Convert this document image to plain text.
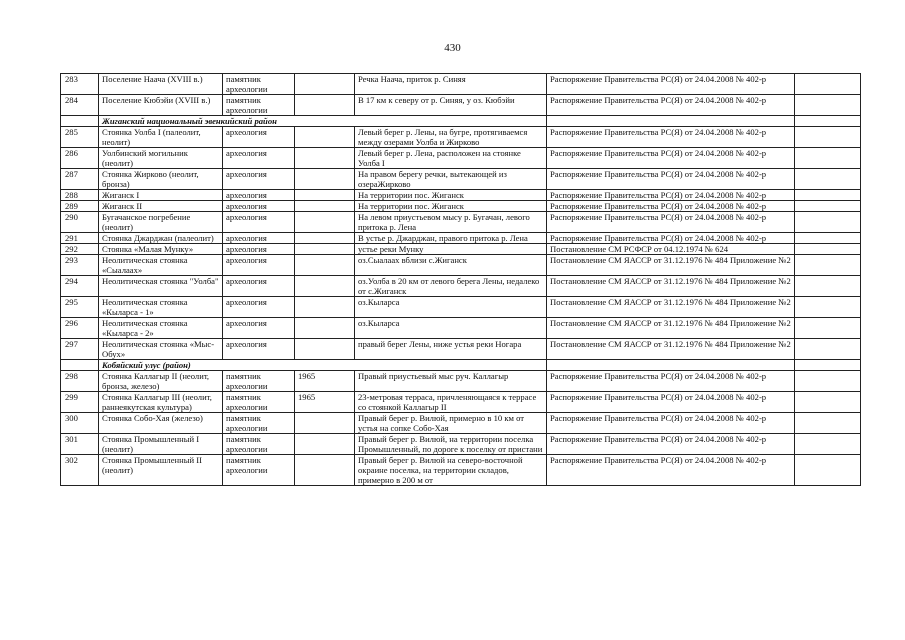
430
283	Поселение Наача (XVIII в.)	памятник археологии		Речка Наача, приток р. Синяя	Распоряжение Правительства РС(Я) от 24.04.2008 № 402-р	
284	Поселение Кюбэйи (XVIII в.)	памятник археологии		В 17 км к северу от р. Синяя, у оз. Кюбэйи	Распоряжение Правительства РС(Я) от 24.04.2008 № 402-р	
	Жиганский национальный эвенкийский район					
285	Стоянка Уолба I (палеолит, неолит)	археология		Левый берег р. Лены, на бугре, протягиваемся между озерами Уолба и Жирково	Распоряжение Правительства РС(Я) от 24.04.2008 № 402-р	
286	Уолбинский могильник (неолит)	археология		Левый берег р. Лена, расположен на стоянке Уолба I	Распоряжение Правительства РС(Я) от 24.04.2008 № 402-р	
287	Стоянка Жирково (неолит, бронза)	археология		На правом берегу речки, вытекающей из озераЖирково	Распоряжение Правительства РС(Я) от 24.04.2008 № 402-р	
288	Жиганск I	археология		На территории пос. Жиганск	Распоряжение Правительства РС(Я) от 24.04.2008 № 402-р	
289	Жиганск II	археология		На территории пос. Жиганск	Распоряжение Правительства РС(Я) от 24.04.2008 № 402-р	
290	Бугачанское погребение (неолит)	археология		На левом приустьевом мысу р. Бугачан, левого притока р. Лена	Распоряжение Правительства РС(Я) от 24.04.2008 № 402-р	
291	Стоянка Джарджан (палеолит)	археология		В устье р. Джарджан, правого притока р. Лена	Распоряжение Правительства РС(Я) от 24.04.2008 № 402-р	
292	Стоянка «Малая Мунку»	археология		устье реки Мунку	Постановление СМ РСФСР от 04.12.1974 № 624	
293	Неолитическая стоянка «Сыалаах»	археология		оз.Сыалаах вблизи с.Жиганск	Постановление СМ ЯАССР от 31.12.1976 № 484 Приложение №2	
294	Неолитическая стоянка "Уолба"	археология		оз.Уолба в 20 км от левого берега Лены, недалеко от с.Жиганск	Постановление СМ ЯАССР от 31.12.1976 № 484 Приложение №2	
295	Неолитическая стоянка «Кыларса - 1»	археология		оз.Кыларса	Постановление СМ ЯАССР от 31.12.1976 № 484 Приложение №2	
296	Неолитическая стоянка «Кыларса - 2»	археология		оз.Кыларса	Постановление СМ ЯАССР от 31.12.1976 № 484 Приложение №2	
297	Неолитическая стоянка «Мыс-Обух»	археология		правый берег Лены, ниже устья реки Ногара	Постановление СМ ЯАССР от 31.12.1976 № 484 Приложение №2	
	Кобяйский улус (район)					
298	Стоянка Каллагыр II (неолит, бронза, железо)	памятник археологии	1965	Правый приустьевый мыс руч. Каллагыр	Распоряжение Правительства РС(Я) от 24.04.2008 № 402-р	
299	Стоянка Каллагыр III (неолит, раннеякутская культура)	памятник археологии	1965	23-метровая терраса, причленяющаяся к террасе со стоянкой Каллагыр II	Распоряжение Правительства РС(Я) от 24.04.2008 № 402-р	
300	Стоянка Собо-Хая (железо)	памятник археологии		Правый берег р. Вилюй, примерно в 10 км от устья на сопке Собо-Хая	Распоряжение Правительства РС(Я) от 24.04.2008 № 402-р	
301	Стоянка Промышленный I (неолит)	памятник археологии		Правый берег р. Вилюй, на территории поселка Промышленный, по дороге к поселку от пристани	Распоряжение Правительства РС(Я) от 24.04.2008 № 402-р	
302	Стоянка Промышленный II (неолит)	памятник археологии		Правый берег р. Вилюй на северо-восточной окраине поселка, на территории складов, примерно в 200 м от	Распоряжение Правительства РС(Я) от 24.04.2008 № 402-р	
